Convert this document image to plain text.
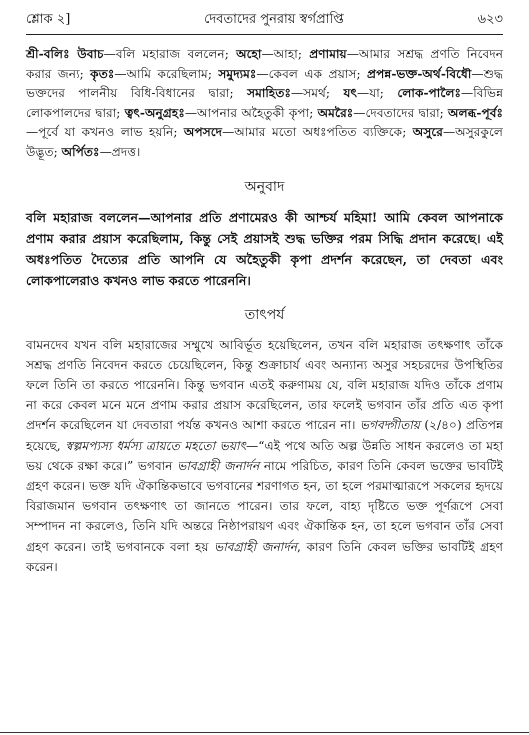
শ্লোক ২]	দেবতাদের পুনরায় স্বর্গপ্রাপ্তি	৬২৩

শ্রী-বলিঃ উবাচ—বলি মহারাজ বললেন; অহো—আহা; প্রণামায়—আমার সশ্রদ্ধ প্রণতি নিবেদন করার জন্য; কৃতঃ—আমি করেছিলাম; সমুদ্যমঃ—কেবল এক প্রয়াস; প্রপন্ন-ভক্ত-অর্থ-বিধৌ—শুদ্ধ ভক্তদের পালনীয় বিধি-বিধানের দ্বারা; সমাহিতঃ—সমর্থ; যৎ—যা; লোক-পালৈঃ—বিভিন্ন লোকপালদের দ্বারা; ত্বৎ-অনুগ্রহঃ—আপনার অহৈতুকী কৃপা; অমরৈঃ—দেবতাদের দ্বারা; অলব্ধ-পূর্বঃ—পূর্বে যা কখনও লাভ হয়নি; অপসদে—আমার মতো অধঃপতিত ব্যক্তিকে; অসুরে—অসুরকুলে উদ্ভূত; অর্পিতঃ—প্রদত্ত।

অনুবাদ

বলি মহারাজ বললেন—আপনার প্রতি প্রণামেরও কী আশ্চর্য মহিমা! আমি কেবল আপনাকে প্রণাম করার প্রয়াস করেছিলাম, কিন্তু সেই প্রয়াসই শুদ্ধ ভক্তির পরম সিদ্ধি প্রদান করেছে। এই অধঃপতিত দৈত্যের প্রতি আপনি যে অহৈতুকী কৃপা প্রদর্শন করেছেন, তা দেবতা এবং লোকপালেরাও কখনও লাভ করতে পারেননি।

তাৎপর্য

বামনদেব যখন বলি মহারাজের সম্মুখে আবির্ভূত হয়েছিলেন, তখন বলি মহারাজ তৎক্ষণাৎ তাঁকে সশ্রদ্ধ প্রণতি নিবেদন করতে চেয়েছিলেন, কিন্তু শুক্রাচার্য এবং অন্যান্য অসুর সহচরদের উপস্থিতির ফলে তিনি তা করতে পারেননি। কিন্তু ভগবান এতই করুণাময় যে, বলি মহারাজ যদিও তাঁকে প্রণাম না করে কেবল মনে মনে প্রণাম করার প্রয়াস করেছিলেন, তার ফলেই ভগবান তাঁর প্রতি এত কৃপা প্রদর্শন করেছিলেন যা দেবতারা পর্যন্ত কখনও আশা করতে পারেন না। ভগবদ্গীতায় (২/৪০) প্রতিপন্ন হয়েছে, স্বল্পমপ্যস্য ধর্মস্য ত্রায়তে মহতো ভয়াৎ—“এই পথে অতি অল্প উন্নতি সাধন করলেও তা মহা ভয় থেকে রক্ষা করে।” ভগবান ভাবগ্রাহী জনার্দন নামে পরিচিত, কারণ তিনি কেবল ভক্তের ভাবটিই গ্রহণ করেন। ভক্ত যদি ঐকান্তিকভাবে ভগবানের শরণাগত হন, তা হলে পরমাত্মারূপে সকলের হৃদয়ে বিরাজমান ভগবান তৎক্ষণাৎ তা জানতে পারেন। তার ফলে, বাহ্য দৃষ্টিতে ভক্ত পূর্ণরূপে সেবা সম্পাদন না করলেও, তিনি যদি অন্তরে নিষ্ঠাপরায়ণ এবং ঐকান্তিক হন, তা হলে ভগবান তাঁর সেবা গ্রহণ করেন। তাই ভগবানকে বলা হয় ভাবগ্রাহী জনার্দন, কারণ তিনি কেবল ভক্তির ভাবটিই গ্রহণ করেন।
